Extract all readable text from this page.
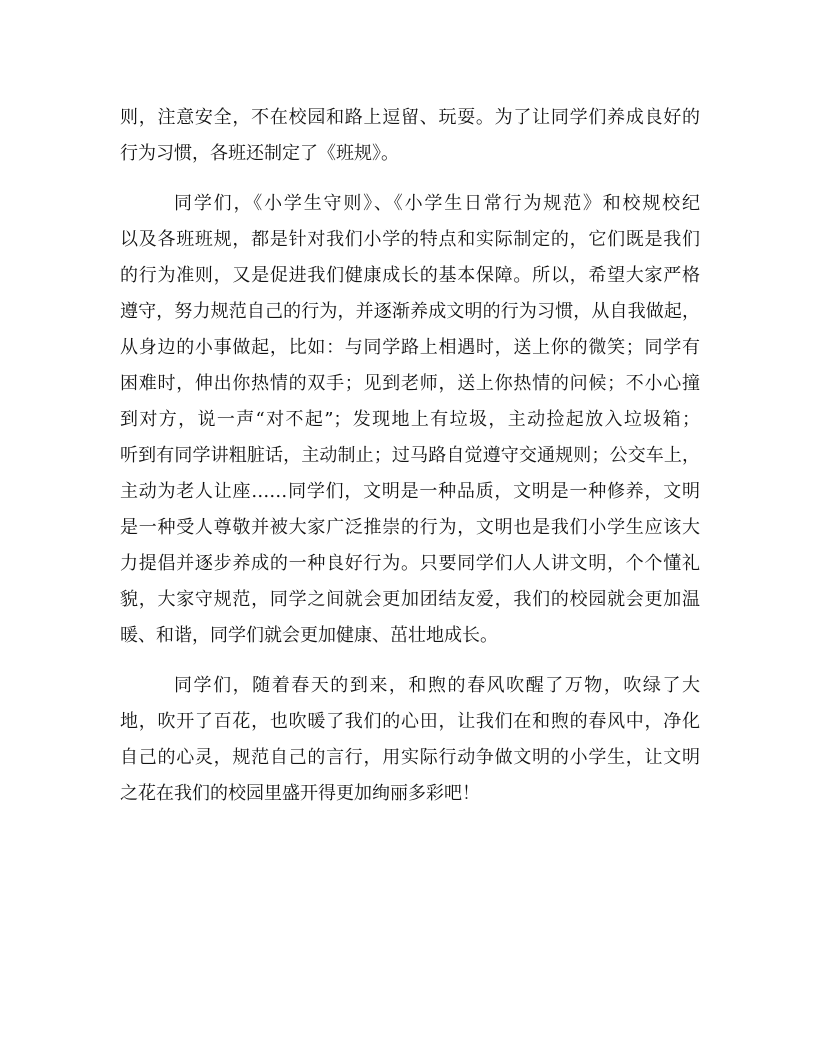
则，注意安全，不在校园和路上逗留、玩耍。为了让同学们养成良好的
行为习惯，各班还制定了《班规》。
同学们，《小学生守则》、《小学生日常行为规范》和校规校纪
以及各班班规，都是针对我们小学的特点和实际制定的，它们既是我们
的行为准则，又是促进我们健康成长的基本保障。所以，希望大家严格
遵守，努力规范自己的行为，并逐渐养成文明的行为习惯，从自我做起，
从身边的小事做起，比如：与同学路上相遇时，送上你的微笑；同学有
困难时，伸出你热情的双手；见到老师，送上你热情的问候；不小心撞
到对方，说一声“对不起”；发现地上有垃圾，主动捡起放入垃圾箱；
听到有同学讲粗脏话，主动制止；过马路自觉遵守交通规则；公交车上，
主动为老人让座……同学们，文明是一种品质，文明是一种修养，文明
是一种受人尊敬并被大家广泛推崇的行为，文明也是我们小学生应该大
力提倡并逐步养成的一种良好行为。只要同学们人人讲文明，个个懂礼
貌，大家守规范，同学之间就会更加团结友爱，我们的校园就会更加温
暖、和谐，同学们就会更加健康、茁壮地成长。
同学们，随着春天的到来，和煦的春风吹醒了万物，吹绿了大
地，吹开了百花，也吹暖了我们的心田，让我们在和煦的春风中，净化
自己的心灵，规范自己的言行，用实际行动争做文明的小学生，让文明
之花在我们的校园里盛开得更加绚丽多彩吧！
